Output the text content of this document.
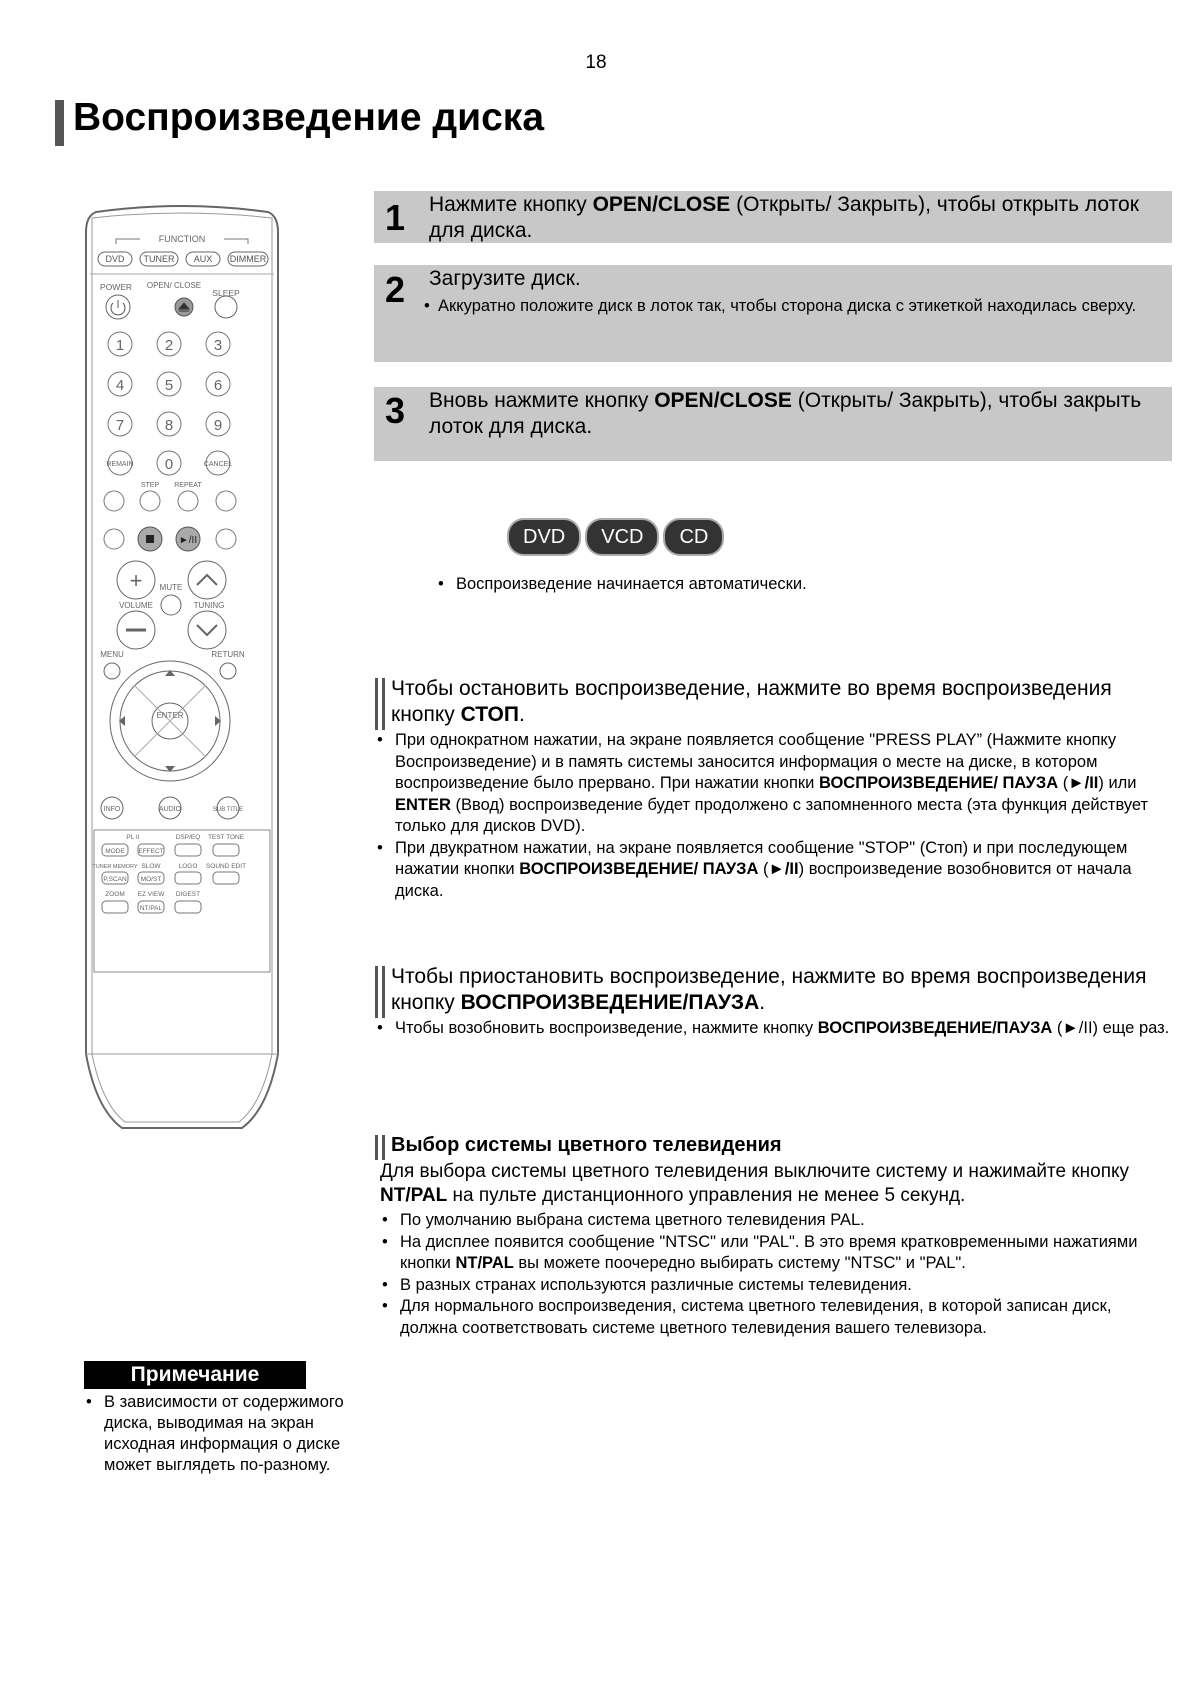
18
Воспроизведение диска
FUNCTION
DVD TUNER AUX DIMMER
POWER OPEN/ CLOSE
SLEEP
1	2	3
4	5	6
7	8	9
0
REMAIN	CANCEL
STEP REPEAT
►/II
+ MUTE
VOLUME	TUNING
MENU	RETURN
ENTER
INFO	AUDIO	SUB TITLE
PL II	DSP/EQ TEST TONE
MODE EFFECT
TUNER MEMORY SLOW	LOGO SOUND EDIT
P.SCAN MO/ST
ZOOM EZ VIEW DIGEST
NT/PAL
1 Нажмите кнопку OPEN/CLOSE (Открыть/ Закрыть), чтобы открыть лоток для диска.
2 Загрузите диск.
• Аккуратно положите диск в лоток так, чтобы сторона диска с этикеткой находилась сверху.
3 Вновь нажмите кнопку OPEN/CLOSE (Открыть/ Закрыть), чтобы закрыть лоток для диска.
DVD	VCD	CD
• Воспроизведение начинается автоматически.
Чтобы остановить воспроизведение, нажмите во время воспроизведения кнопку СТОП.
• При однократном нажатии, на экране появляется сообщение "PRESS PLAY” (Нажмите кнопку Воспроизведение) и в память системы заносится информация о месте на диске, в котором воспроизведение было прервано. При нажатии кнопки ВОСПРОИЗВЕДЕНИЕ/ ПАУЗА (►/II) или ENTER (Ввод) воспроизведение будет продолжено с запомненного места (эта функция действует только для дисков DVD).
• При двукратном нажатии, на экране появляется сообщение "STOP" (Стоп) и при последующем нажатии кнопки ВОСПРОИЗВЕДЕНИЕ/ ПАУЗА (►/II) воспроизведение возобновится от начала диска.
Чтобы приостановить воспроизведение, нажмите во время воспроизведения кнопку ВОСПРОИЗВЕДЕНИЕ/ПАУЗА.
• Чтобы возобновить воспроизведение, нажмите кнопку ВОСПРОИЗВЕДЕНИЕ/ПАУЗА (►/II) еще раз.
Выбор системы цветного телевидения
Для выбора системы цветного телевидения выключите систему и нажимайте кнопку NT/PAL на пульте дистанционного управления не менее 5 секунд.
• По умолчанию выбрана система цветного телевидения PAL.
• На дисплее появится сообщение "NTSC" или "PAL". В это время кратковременными нажатиями кнопки NT/PAL вы можете поочередно выбирать систему "NTSC" и "PAL".
• В разных странах используются различные системы телевидения.
• Для нормального воспроизведения, система цветного телевидения, в которой записан диск, должна соответствовать системе цветного телевидения вашего телевизора.
Примечание
• В зависимости от содержимого диска, выводимая на экран исходная информация о диске может выглядеть по-разному.
